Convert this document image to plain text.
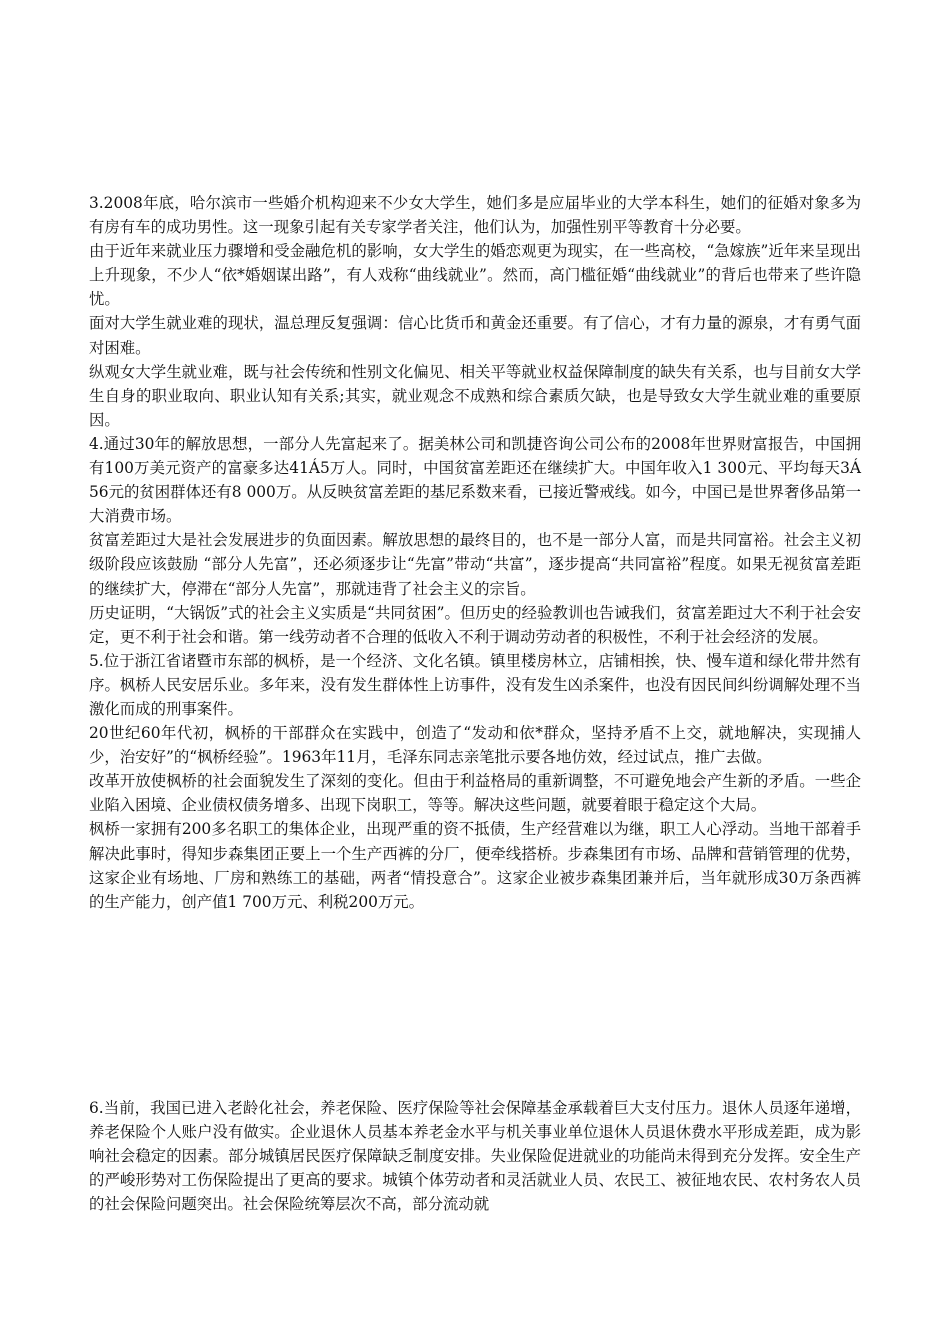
3.2008年底，哈尔滨市一些婚介机构迎来不少女大学生，她们多是应届毕业的大学本科生，她们的征婚对象多为有房有车的成功男性。这一现象引起有关专家学者关注，他们认为，加强性别平等教育十分必要。

由于近年来就业压力骤增和受金融危机的影响，女大学生的婚恋观更为现实，在一些高校，“急嫁族”近年来呈现出上升现象，不少人“依*婚姻谋出路”，有人戏称“曲线就业”。然而，高门槛征婚“曲线就业”的背后也带来了些许隐忧。

面对大学生就业难的现状，温总理反复强调：信心比货币和黄金还重要。有了信心，才有力量的源泉，才有勇气面对困难。

纵观女大学生就业难，既与社会传统和性别文化偏见、相关平等就业权益保障制度的缺失有关系，也与目前女大学生自身的职业取向、职业认知有关系;其实，就业观念不成熟和综合素质欠缺，也是导致女大学生就业难的重要原因。

4.通过30年的解放思想，一部分人先富起来了。据美林公司和凯捷咨询公司公布的2008年世界财富报告，中国拥有100万美元资产的富豪多达41Á5万人。同时，中国贫富差距还在继续扩大。中国年收入1 300元、平均每天3Á56元的贫困群体还有8 000万。从反映贫富差距的基尼系数来看，已接近警戒线。如今，中国已是世界奢侈品第一大消费市场。

贫富差距过大是社会发展进步的负面因素。解放思想的最终目的，也不是一部分人富，而是共同富裕。社会主义初级阶段应该鼓励 “部分人先富”，还必须逐步让“先富”带动“共富”，逐步提高“共同富裕”程度。如果无视贫富差距的继续扩大，停滞在“部分人先富”，那就违背了社会主义的宗旨。

历史证明，“大锅饭”式的社会主义实质是“共同贫困”。但历史的经验教训也告诫我们，贫富差距过大不利于社会安定，更不利于社会和谐。第一线劳动者不合理的低收入不利于调动劳动者的积极性，不利于社会经济的发展。

5.位于浙江省诸暨市东部的枫桥，是一个经济、文化名镇。镇里楼房林立，店铺相挨，快、慢车道和绿化带井然有序。枫桥人民安居乐业。多年来，没有发生群体性上访事件，没有发生凶杀案件，也没有因民间纠纷调解处理不当激化而成的刑事案件。

20世纪60年代初，枫桥的干部群众在实践中，创造了“发动和依*群众，坚持矛盾不上交，就地解决，实现捕人少，治安好”的“枫桥经验”。1963年11月，毛泽东同志亲笔批示要各地仿效，经过试点，推广去做。

改革开放使枫桥的社会面貌发生了深刻的变化。但由于利益格局的重新调整，不可避免地会产生新的矛盾。一些企业陷入困境、企业债权债务增多、出现下岗职工，等等。解决这些问题，就要着眼于稳定这个大局。

枫桥一家拥有200多名职工的集体企业，出现严重的资不抵债，生产经营难以为继，职工人心浮动。当地干部着手解决此事时，得知步森集团正要上一个生产西裤的分厂，便牵线搭桥。步森集团有市场、品牌和营销管理的优势，这家企业有场地、厂房和熟练工的基础，两者“情投意合”。这家企业被步森集团兼并后，当年就形成30万条西裤的生产能力，创产值1 700万元、利税200万元。

6.当前，我国已进入老龄化社会，养老保险、医疗保险等社会保障基金承载着巨大支付压力。退休人员逐年递增，养老保险个人账户没有做实。企业退休人员基本养老金水平与机关事业单位退休人员退休费水平形成差距，成为影响社会稳定的因素。部分城镇居民医疗保障缺乏制度安排。失业保险促进就业的功能尚未得到充分发挥。安全生产的严峻形势对工伤保险提出了更高的要求。城镇个体劳动者和灵活就业人员、农民工、被征地农民、农村务农人员的社会保险问题突出。社会保险统筹层次不高，部分流动就
